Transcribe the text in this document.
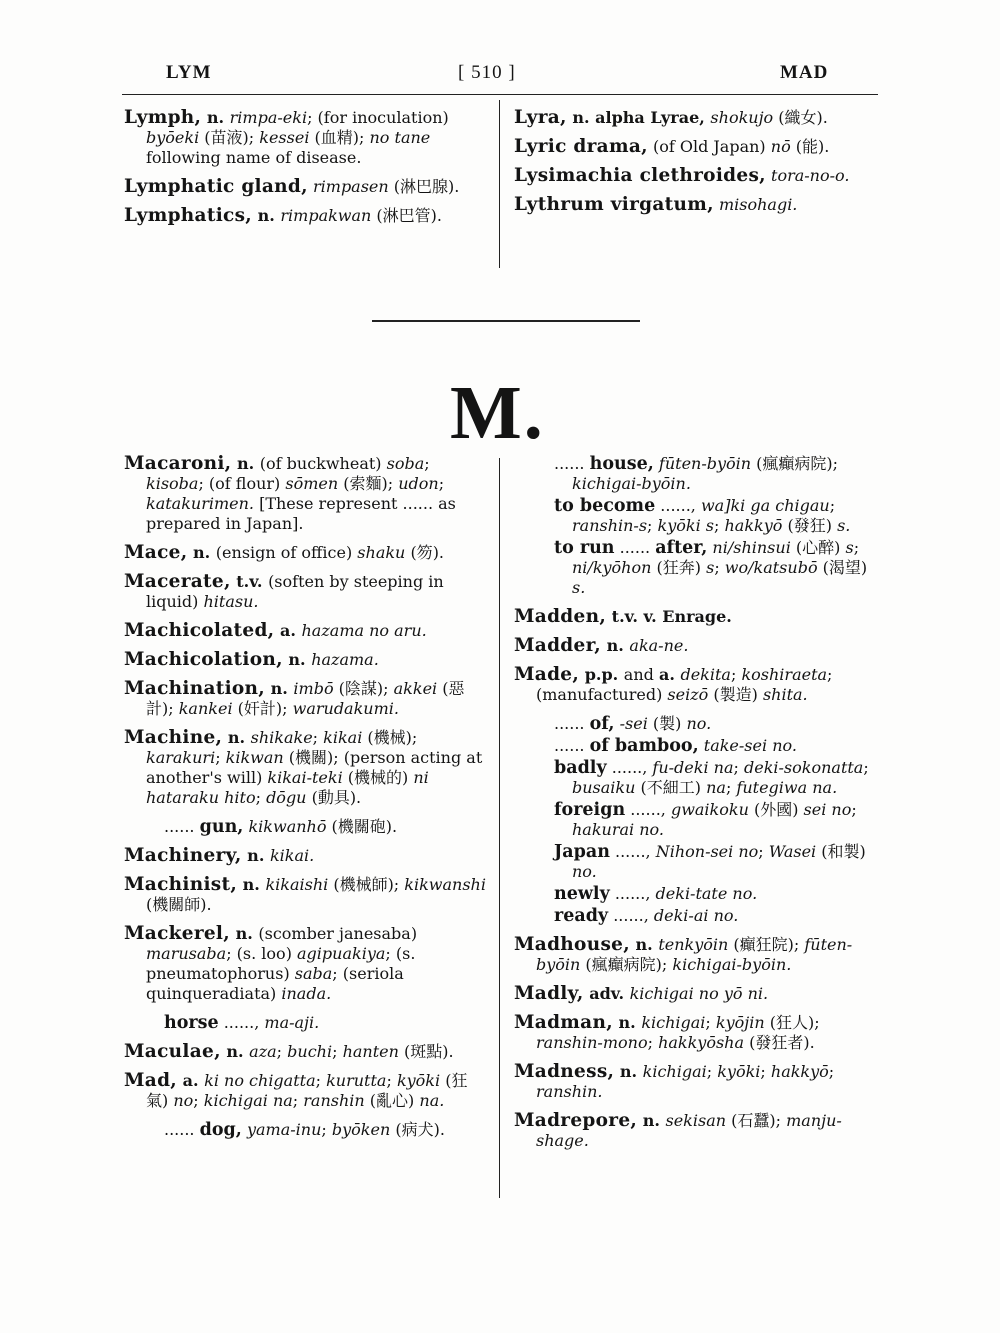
LYM	[ 510 ]	MAD
Lymph, n. rimpa-eki; (for inoculation) byōeki (苗液); kessei (血精); no tane following name of disease.
Lymphatic gland, rimpasen (淋巴腺).
Lymphatics, n. rimpakwan (淋巴管).
Lyra, n. alpha Lyrae, shokujo (織女).
Lyric drama, (of Old Japan) nō (能).
Lysimachia clethroides, tora-no-o.
Lythrum virgatum, misohagi.
M.
Macaroni, n. (of buckwheat) soba; kisoba; (of flour) sōmen (索麵); udon; katakurimen. [These represent ...... as prepared in Japan].
Mace, n. (ensign of office) shaku (笏).
Macerate, t.v. (soften by steeping in liquid) hitasu.
Machicolated, a. hazama no aru.
Machicolation, n. hazama.
Machination, n. imbō (陰謀); akkei (惡計); kankei (奸計); warudakumi.
Machine, n. shikake; kikai (機械); karakuri; kikwan (機關); (person acting at another's will) kikai-teki (機械的) ni hataraku hito; dōgu (動具).
...... gun, kikwanhō (機關砲).
Machinery, n. kikai.
Machinist, n. kikaishi (機械師); kikwanshi (機關師).
Mackerel, n. (scomber janesaba) marusaba; (s. loo) agipuakiya; (s. pneumatophorus) saba; (seriola quinqueradiata) inada.
horse ......, ma-aji.
Maculae, n. aza; buchi; hanten (斑點).
Mad, a. ki no chigatta; kurutta; kyōki (狂氣) no; kichigai na; ranshin (亂心) na.
...... dog, yama-inu; byōken (病犬).
...... house, fūten-byōin (瘋癲病院); kichigai-byōin.
to become ......, wa]ki ga chigau; ranshin-s; kyōki s; hakkyō (發狂) s.
to run ...... after, ni/shinsui (心醉) s; ni/kyōhon (狂奔) s; wo/katsubō (渴望) s.
Madden, t.v. v. Enrage.
Madder, n. aka-ne.
Made, p.p. and a. dekita; koshiraeta; (manufactured) seizō (製造) shita.
...... of, -sei (製) no.
...... of bamboo, take-sei no.
badly ......, fu-deki na; deki-sokonatta; busaiku (不細工) na; futegiwa na.
foreign ......, gwaikoku (外國) sei no; hakurai no.
Japan ......, Nihon-sei no; Wasei (和製) no.
newly ......, deki-tate no.
ready ......, deki-ai no.
Madhouse, n. tenkyōin (癲狂院); fūten-byōin (瘋癲病院); kichigai-byōin.
Madly, adv. kichigai no yō ni.
Madman, n. kichigai; kyōjin (狂人); ranshin-mono; hakkyōsha (發狂者).
Madness, n. kichigai; kyōki; hakkyō; ranshin.
Madrepore, n. sekisan (石蠶); manju-shage.
